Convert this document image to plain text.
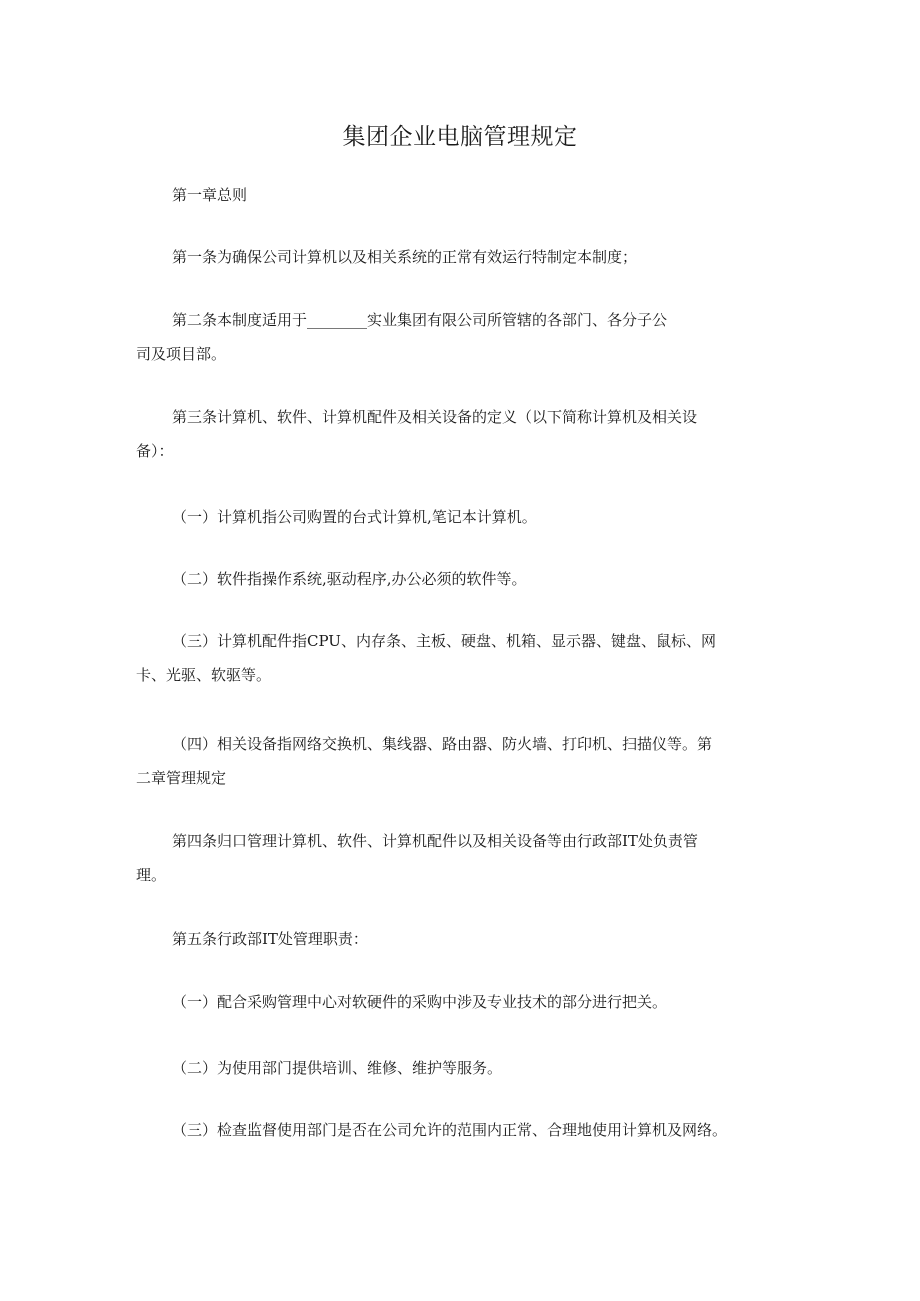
集团企业电脑管理规定

第一章总则

第一条为确保公司计算机以及相关系统的正常有效运行特制定本制度；

第二条本制度适用于________实业集团有限公司所管辖的各部门、各分子公
司及项目部。

第三条计算机、软件、计算机配件及相关设备的定义（以下简称计算机及相关设
备）：

（一）计算机指公司购置的台式计算机,笔记本计算机。

（二）软件指操作系统,驱动程序,办公必须的软件等。

（三）计算机配件指CPU、内存条、主板、硬盘、机箱、显示器、键盘、鼠标、网
卡、光驱、软驱等。

（四）相关设备指网络交换机、集线器、路由器、防火墙、打印机、扫描仪等。第
二章管理规定

第四条归口管理计算机、软件、计算机配件以及相关设备等由行政部IT处负责管
理。

第五条行政部IT处管理职责：

（一）配合采购管理中心对软硬件的采购中涉及专业技术的部分进行把关。

（二）为使用部门提供培训、维修、维护等服务。

（三）检查监督使用部门是否在公司允许的范围内正常、合理地使用计算机及网络。
